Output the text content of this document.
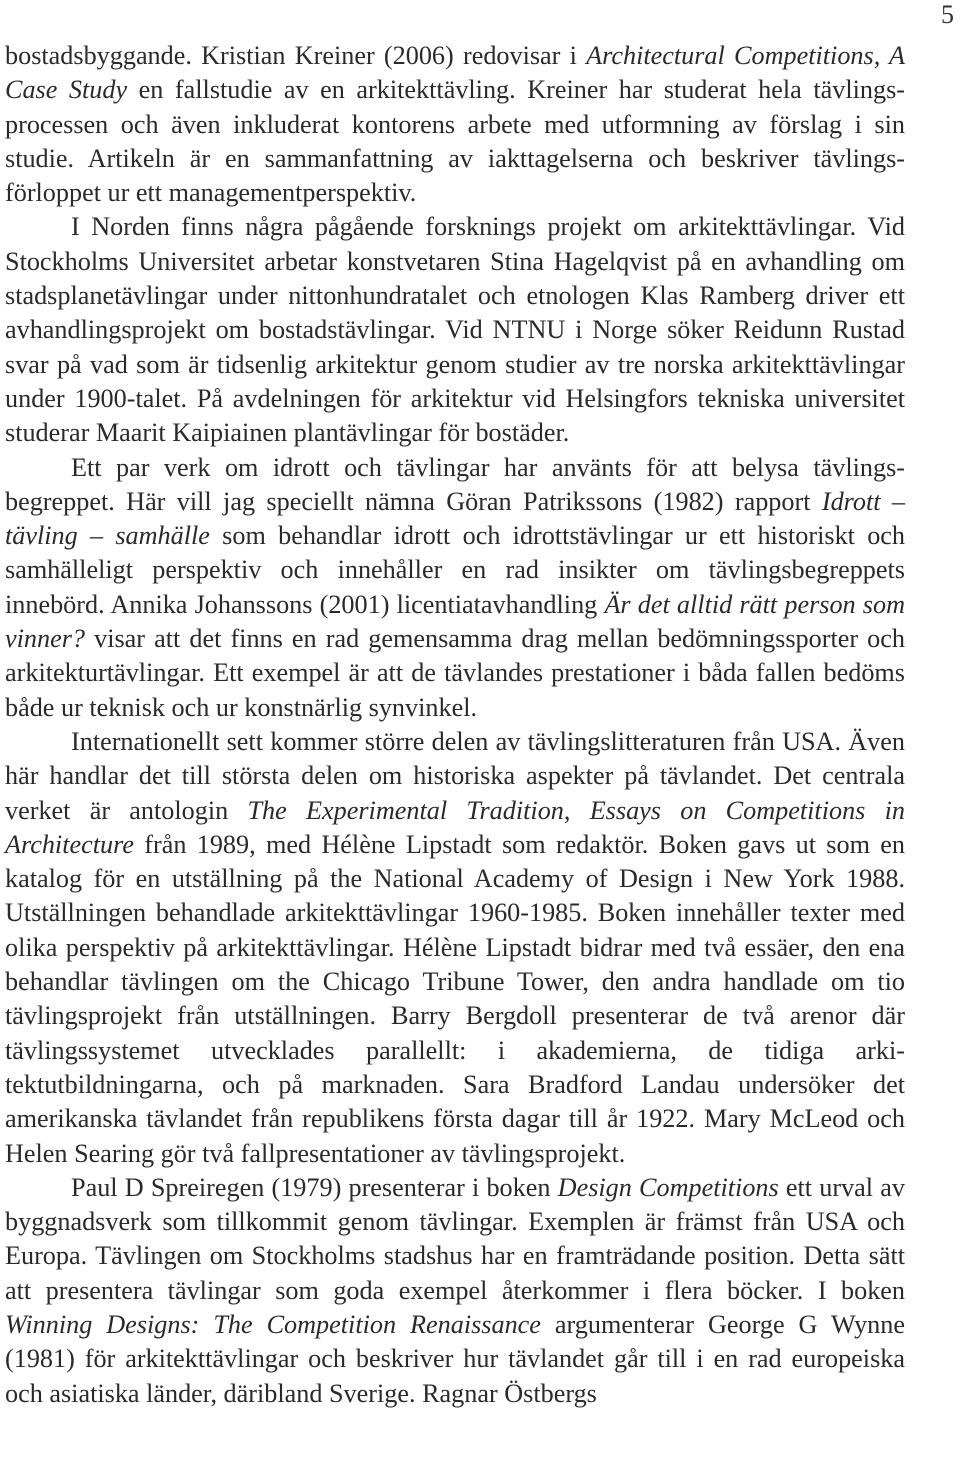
5

bostadsbyggande. Kristian Kreiner (2006) redovisar i Architectural Competitions, A Case Study en fallstudie av en arkitekttävling. Kreiner har studerat hela tävlingsprocessen och även inkluderat kontorens arbete med utformning av förslag i sin studie. Artikeln är en sammanfattning av iakttagelserna och beskriver tävlingsförloppet ur ett managementperspektiv.

I Norden finns några pågående forsknings projekt om arkitekttävlingar. Vid Stockholms Universitet arbetar konstvetaren Stina Hagelqvist på en avhandling om stadsplanetävlingar under nittonhundratalet och etnologen Klas Ramberg driver ett avhandlingsprojekt om bostadstävlingar. Vid NTNU i Norge söker Reidunn Rustad svar på vad som är tidsenlig arkitektur genom studier av tre norska arkitekttävlingar under 1900-talet. På avdelningen för arkitektur vid Helsingfors tekniska universitet studerar Maarit Kaipiainen plantävlingar för bostäder.

Ett par verk om idrott och tävlingar har använts för att belysa tävlingsbegreppet. Här vill jag speciellt nämna Göran Patrikssons (1982) rapport Idrott – tävling – samhälle som behandlar idrott och idrottstävlingar ur ett historiskt och samhälleligt perspektiv och innehåller en rad insikter om tävlingsbegreppets innebörd. Annika Johanssons (2001) licentiatavhandling Är det alltid rätt person som vinner? visar att det finns en rad gemensamma drag mellan bedömningssporter och arkitekturtävlingar. Ett exempel är att de tävlandes prestationer i båda fallen bedöms både ur teknisk och ur konstnärlig synvinkel.

Internationellt sett kommer större delen av tävlingslitteraturen från USA. Även här handlar det till största delen om historiska aspekter på tävlandet. Det centrala verket är antologin The Experimental Tradition, Essays on Competitions in Architecture från 1989, med Hélène Lipstadt som redaktör. Boken gavs ut som en katalog för en utställning på the National Academy of Design i New York 1988. Utställningen behandlade arkitekttävlingar 1960-1985. Boken innehåller texter med olika perspektiv på arkitekttävlingar. Hélène Lipstadt bidrar med två essäer, den ena behandlar tävlingen om the Chicago Tribune Tower, den andra handlade om tio tävlingsprojekt från utställningen. Barry Bergdoll presenterar de två arenor där tävlingssystemet utvecklades parallellt: i akademierna, de tidiga arkitektutbildningarna, och på marknaden. Sara Bradford Landau undersöker det amerikanska tävlandet från republikens första dagar till år 1922. Mary McLeod och Helen Searing gör två fallpresentationer av tävlingsprojekt.

Paul D Spreiregen (1979) presenterar i boken Design Competitions ett urval av byggnadsverk som tillkommit genom tävlingar. Exemplen är främst från USA och Europa. Tävlingen om Stockholms stadshus har en framträdande position. Detta sätt att presentera tävlingar som goda exempel återkommer i flera böcker. I boken Winning Designs: The Competition Renaissance argumenterar George G Wynne (1981) för arkitekttävlingar och beskriver hur tävlandet går till i en rad europeiska och asiatiska länder, däribland Sverige. Ragnar Östbergs
